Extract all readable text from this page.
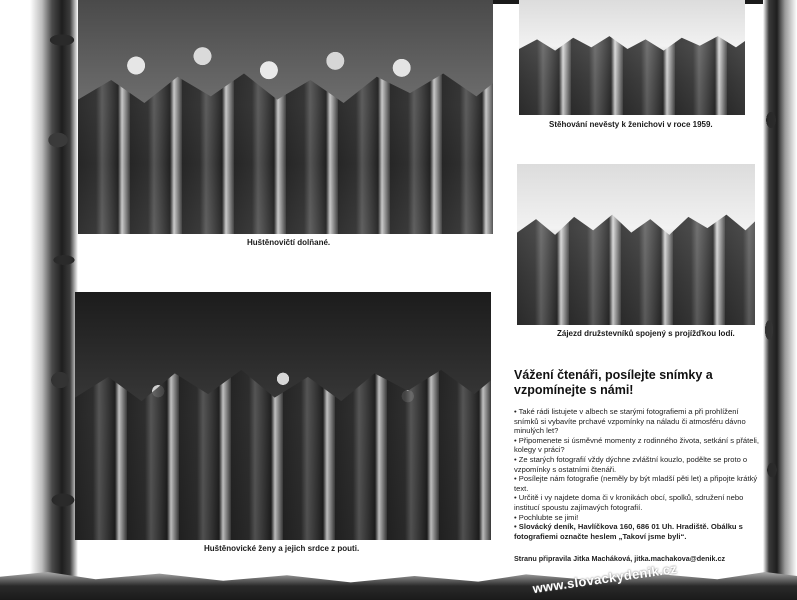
Huštěnovičtí dolňané.
Stěhování nevěsty k ženichovi v roce 1959.
Zájezd družstevníků spojený s projížďkou lodí.
Huštěnovické ženy a jejich srdce z pouti.
Vážení čtenáři, posílejte snímky a vzpomínejte s námi!

• Také rádi listujete v albech se starými fotografiemi a při prohlížení snímků si vybavíte prchavé vzpomínky na náladu či atmosféru dávno minulých let?

• Připomenete si úsměvné momenty z rodinného života, setkání s přáteli, kolegy v práci?

• Ze starých fotografií vždy dýchne zvláštní kouzlo, podělte se proto o vzpomínky s ostatními čtenáři.

• Posílejte nám fotografie (neměly by být mladší pěti let) a připojte krátký text.

• Určitě i vy najdete doma či v kronikách obcí, spolků, sdružení nebo institucí spoustu zajímavých fotografií.

• Pochlubte se jimi!

• Slovácký deník, Havlíčkova 160, 686 01 Uh. Hradiště. Obálku s fotografiemi označte heslem „Takoví jsme byli“.

Stranu připravila Jitka Macháková, jitka.machakova@denik.cz
www.slovackydenik.cz
